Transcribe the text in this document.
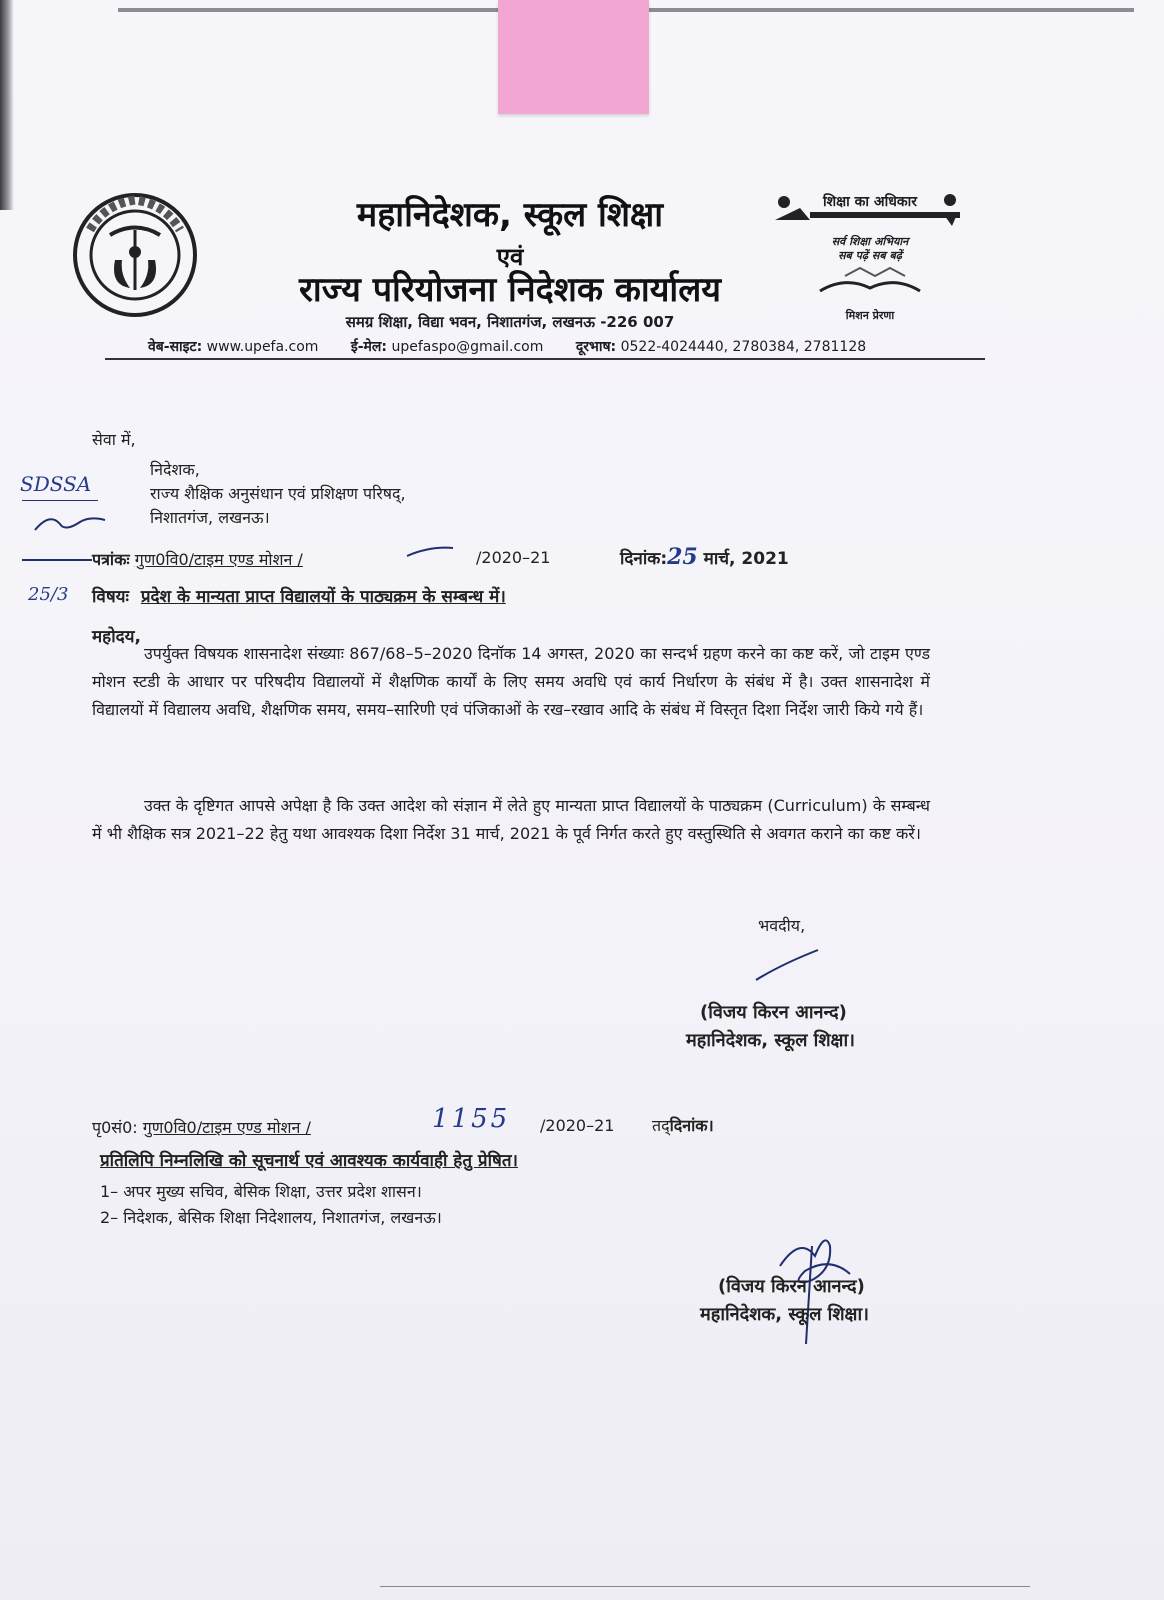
महानिदेशक, स्कूल शिक्षा
एवं
राज्य परियोजना निदेशक कार्यालय
समग्र शिक्षा, विद्या भवन, निशातगंज, लखनऊ -226 007
वेब-साइट: www.upefa.com ई-मेल: upefaspo@gmail.com दूरभाष: 0522-4024440, 2780384, 2781128
शिक्षा का अधिकार
सर्व शिक्षा अभियान
सब पढ़ें सब बढ़ें
मिशन प्रेरणा
सेवा में,
निदेशक,
राज्य शैक्षिक अनुसंधान एवं प्रशिक्षण परिषद्,
निशातगंज, लखनऊ।
SDSSA
पत्रांकः गुण0वि0/टाइम एण्ड मोशन /	/2020–21	दिनांक:25 मार्च, 2021
25/3 विषयः प्रदेश के मान्यता प्राप्त विद्यालयों के पाठ्यक्रम के सम्बन्ध में।
महोदय,
उपर्युक्त विषयक शासनादेश संख्याः 867/68–5–2020 दिनॉक 14 अगस्त, 2020 का सन्दर्भ ग्रहण करने का कष्ट करें, जो टाइम एण्ड मोशन स्टडी के आधार पर परिषदीय विद्यालयों में शैक्षणिक कार्यों के लिए समय अवधि एवं कार्य निर्धारण के संबंध में है। उक्त शासनादेश में विद्यालयों में विद्यालय अवधि, शैक्षणिक समय, समय–सारिणी एवं पंजिकाओं के रख–रखाव आदि के संबंध में विस्तृत दिशा निर्देश जारी किये गये हैं।
उक्त के दृष्टिगत आपसे अपेक्षा है कि उक्त आदेश को संज्ञान में लेते हुए मान्यता प्राप्त विद्यालयों के पाठ्यक्रम (Curriculum) के सम्बन्ध में भी शैक्षिक सत्र 2021–22 हेतु यथा आवश्यक दिशा निर्देश 31 मार्च, 2021 के पूर्व निर्गत करते हुए वस्तुस्थिति से अवगत कराने का कष्ट करें।
भवदीय,
(विजय किरन आनन्द)
महानिदेशक, स्कूल शिक्षा।
पृ0सं0: गुण0वि0/टाइम एण्ड मोशन /	1155 /2020–21 तद्दिनांक।
प्रतिलिपि निम्नलिखि को सूचनार्थ एवं आवश्यक कार्यवाही हेतु प्रेषित।
1– अपर मुख्य सचिव, बेसिक शिक्षा, उत्तर प्रदेश शासन।
2– निदेशक, बेसिक शिक्षा निदेशालय, निशातगंज, लखनऊ।
(विजय किरन आनन्द)
महानिदेशक, स्कूल शिक्षा।
